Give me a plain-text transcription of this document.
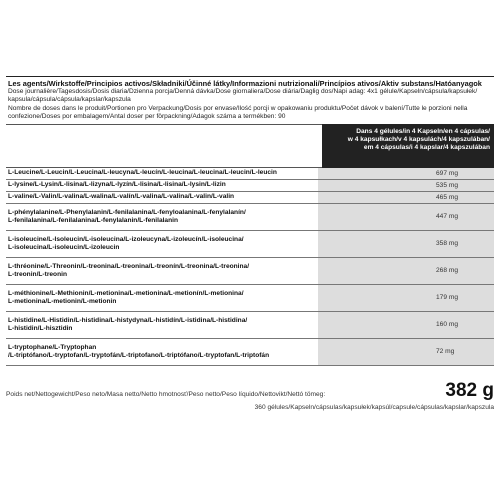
Les agents/Wirkstoffe/Principios activos/Składniki/Účinné látky/Informazioni nutrizionali/Princípios ativos/Aktiv substans/Hatóanyagok
Dose journalière/Tagesdosis/Dosis diaria/Dzienna porcja/Denná dávka/Dose giornaliera/Dose diária/Daglig dos/Napi adag: 4x1 gélule/Kapseln/cápsula/kapsułek/ kapsula/cápsula/cápsula/kapslar/kapszula
Nombre de doses dans le produit/Portionen pro Verpackung/Dosis por envase/Ilość porcji w opakowaniu produktu/Počet dávok v balení/Tutte le porzioni nella confezione/Doses por embalagem/Antal doser per förpackning/Adagok száma a termékben: 90
Dans 4 gélules/in 4 Kapseln/en 4 cápsulas/
w 4 kapsułkach/v 4 kapsulách/4 kapszulában/
em 4 cápsulas/i 4 kapslar/4 kapszulában
L-Leucine/L-Leucin/L-Leucina/L-leucyna/L-leucín/L-leucina/L-leucina/L-leucin/L-leucin	697 mg
L-lysine/L-Lysin/L-lisina/L-lizyna/L-lyzín/L-lisina/L-lisina/L-lysin/L-lizin	535 mg
L-valine/L-Valin/L-valina/L-walina/L-valín/L-valina/L-valina/L-valin/L-valin	465 mg
L-phénylalanine/L-Phenylalanin/L-fenilalanina/L-fenyloalanina/L-fenylalanín/
L-fenilalanina/L-fenilalanina/L-fenylalanin/L-fenilalanin	447 mg
L-isoleucine/L-Isoleucin/L-isoleucina/L-izoleucyna/L-izoleucín/L-isoleucina/
L-isoleucina/L-isoleucin/L-izoleucin	358 mg
L-thréonine/L-Threonin/L-treonina/L-treonina/L-treonín/L-treonina/L-treonina/
L-treonin/L-treonin	268 mg
L-méthionine/L-Methionin/L-metionina/L-metionina/L-metionín/L-metionina/
L-metionina/L-metionin/L-metionin	179 mg
L-histidine/L-Histidin/L-histidina/L-histydyna/L-histidín/L-istidina/L-histidina/
L-histidin/L-hisztidin	160 mg
L-tryptophane/L-Tryptophan
/L-triptófano/L-tryptofan/L-tryptofán/L-triptofano/L-triptófano/L-tryptofan/L-triptofán	72 mg
Poids net/Nettogewicht/Peso neto/Masa netto/Netto hmotnosť/Peso netto/Peso líquido/Nettovikt/Nettó tömeg:	382 g
360 gélules/Kapseln/cápsulas/kapsułek/kapsúl/capsule/cápsulas/kapslar/kapszula
